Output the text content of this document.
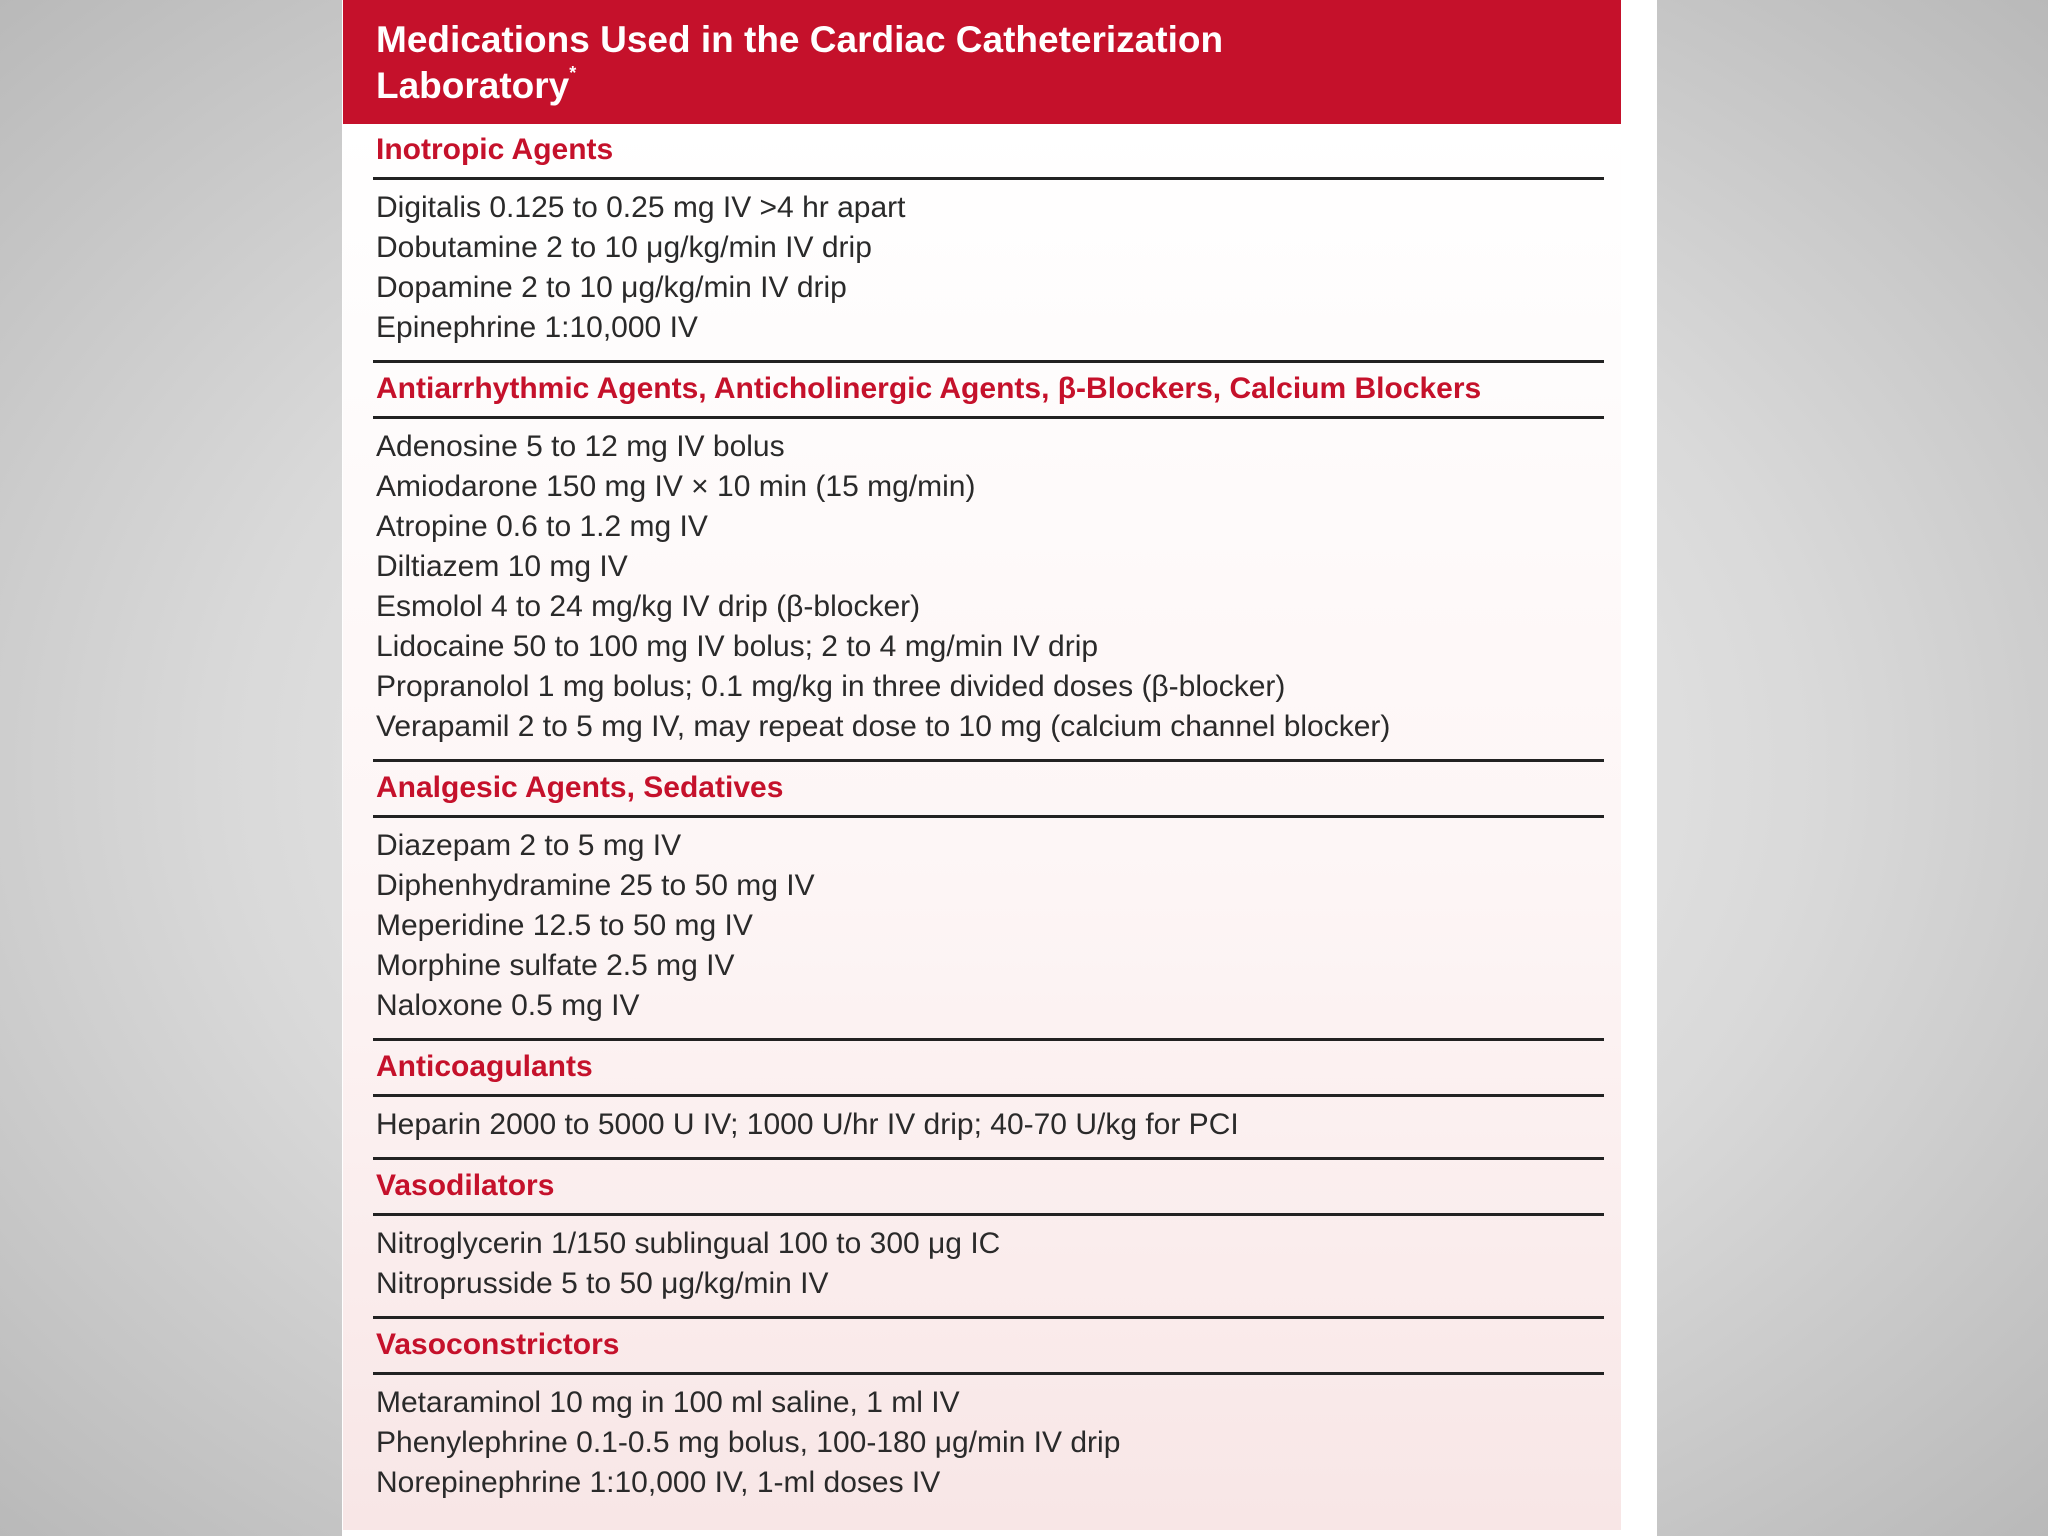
Medications Used in the Cardiac Catheterization
Laboratory*
Inotropic Agents
Digitalis 0.125 to 0.25 mg IV >4 hr apart
Dobutamine 2 to 10 μg/kg/min IV drip
Dopamine 2 to 10 μg/kg/min IV drip
Epinephrine 1:10,000 IV
Antiarrhythmic Agents, Anticholinergic Agents, β-Blockers, Calcium Blockers
Adenosine 5 to 12 mg IV bolus
Amiodarone 150 mg IV × 10 min (15 mg/min)
Atropine 0.6 to 1.2 mg IV
Diltiazem 10 mg IV
Esmolol 4 to 24 mg/kg IV drip (β-blocker)
Lidocaine 50 to 100 mg IV bolus; 2 to 4 mg/min IV drip
Propranolol 1 mg bolus; 0.1 mg/kg in three divided doses (β-blocker)
Verapamil 2 to 5 mg IV, may repeat dose to 10 mg (calcium channel blocker)
Analgesic Agents, Sedatives
Diazepam 2 to 5 mg IV
Diphenhydramine 25 to 50 mg IV
Meperidine 12.5 to 50 mg IV
Morphine sulfate 2.5 mg IV
Naloxone 0.5 mg IV
Anticoagulants
Heparin 2000 to 5000 U IV; 1000 U/hr IV drip; 40-70 U/kg for PCI
Vasodilators
Nitroglycerin 1/150 sublingual 100 to 300 μg IC
Nitroprusside 5 to 50 μg/kg/min IV
Vasoconstrictors
Metaraminol 10 mg in 100 ml saline, 1 ml IV
Phenylephrine 0.1-0.5 mg bolus, 100-180 μg/min IV drip
Norepinephrine 1:10,000 IV, 1-ml doses IV
